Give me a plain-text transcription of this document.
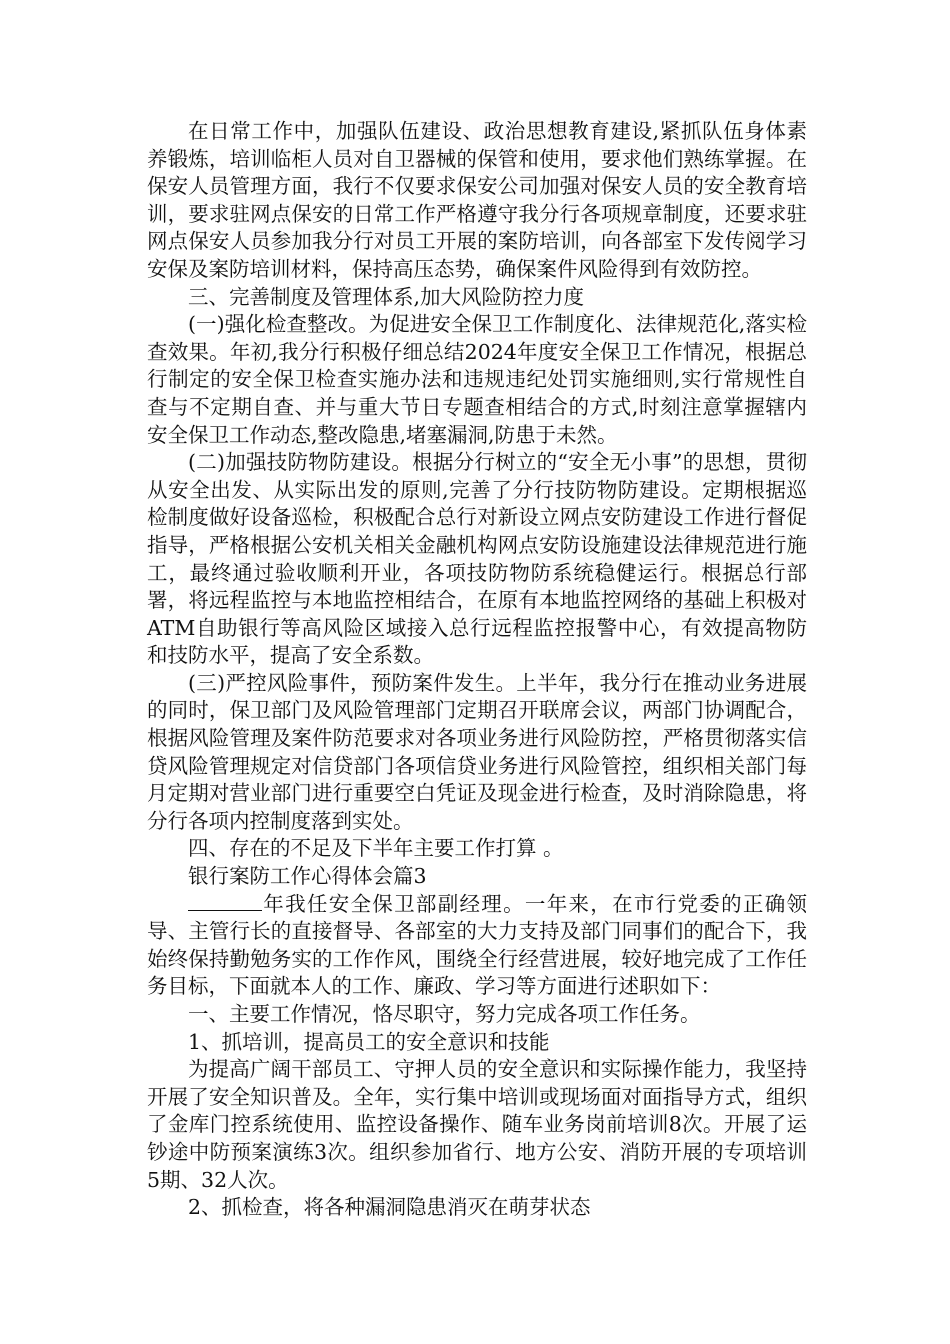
在日常工作中，加强队伍建设、政治思想教育建设,紧抓队伍身体素养锻炼，培训临柜人员对自卫器械的保管和使用，要求他们熟练掌握。在保安人员管理方面，我行不仅要求保安公司加强对保安人员的安全教育培训，要求驻网点保安的日常工作严格遵守我分行各项规章制度，还要求驻网点保安人员参加我分行对员工开展的案防培训，向各部室下发传阅学习安保及案防培训材料，保持高压态势，确保案件风险得到有效防控。

三、完善制度及管理体系,加大风险防控力度

(一)强化检查整改。为促进安全保卫工作制度化、法律规范化,落实检查效果。年初,我分行积极仔细总结2024年度安全保卫工作情况，根据总行制定的安全保卫检查实施办法和违规违纪处罚实施细则,实行常规性自查与不定期自查、并与重大节日专题查相结合的方式,时刻注意掌握辖内安全保卫工作动态,整改隐患,堵塞漏洞,防患于未然。

(二)加强技防物防建设。根据分行树立的“安全无小事”的思想，贯彻从安全出发、从实际出发的原则,完善了分行技防物防建设。定期根据巡检制度做好设备巡检，积极配合总行对新设立网点安防建设工作进行督促指导，严格根据公安机关相关金融机构网点安防设施建设法律规范进行施工，最终通过验收顺利开业，各项技防物防系统稳健运行。根据总行部署，将远程监控与本地监控相结合，在原有本地监控网络的基础上积极对ATM自助银行等高风险区域接入总行远程监控报警中心，有效提高物防和技防水平，提高了安全系数。

(三)严控风险事件，预防案件发生。上半年，我分行在推动业务进展的同时，保卫部门及风险管理部门定期召开联席会议，两部门协调配合，根据风险管理及案件防范要求对各项业务进行风险防控，严格贯彻落实信贷风险管理规定对信贷部门各项信贷业务进行风险管控，组织相关部门每月定期对营业部门进行重要空白凭证及现金进行检查，及时消除隐患，将分行各项内控制度落到实处。

四、存在的不足及下半年主要工作打算 。

银行案防工作心得体会篇3

年我任安全保卫部副经理。一年来，在市行党委的正确领导、主管行长的直接督导、各部室的大力支持及部门同事们的配合下，我始终保持勤勉务实的工作作风，围绕全行经营进展，较好地完成了工作任务目标，下面就本人的工作、廉政、学习等方面进行述职如下：

一、主要工作情况，恪尽职守，努力完成各项工作任务。

1、抓培训，提高员工的安全意识和技能

为提高广阔干部员工、守押人员的安全意识和实际操作能力，我坚持开展了安全知识普及。全年，实行集中培训或现场面对面指导方式，组织了金库门控系统使用、监控设备操作、随车业务岗前培训8次。开展了运钞途中防预案演练3次。组织参加省行、地方公安、消防开展的专项培训5期、32人次。

2、抓检查，将各种漏洞隐患消灭在萌芽状态
